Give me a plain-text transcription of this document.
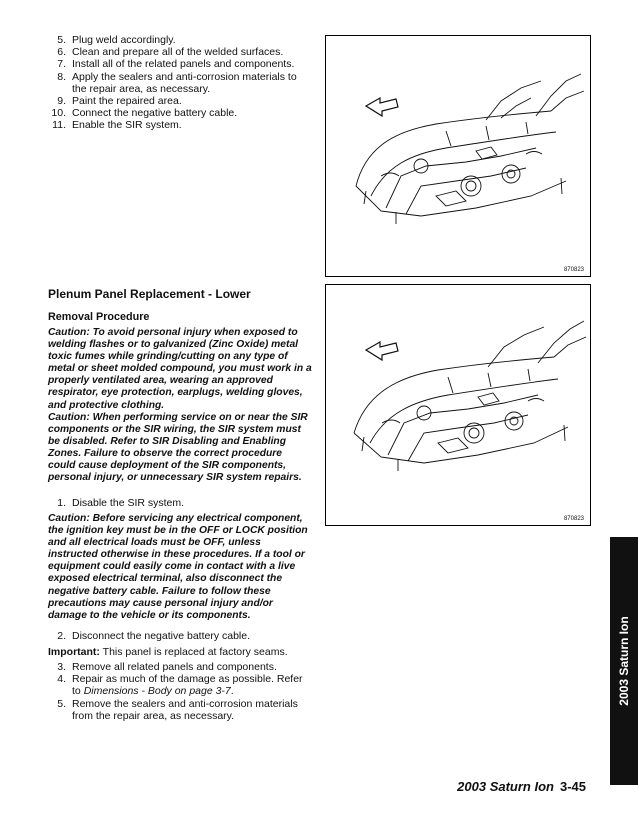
5. Plug weld accordingly.
6. Clean and prepare all of the welded surfaces.
7. Install all of the related panels and components.
8. Apply the sealers and anti-corrosion materials to the repair area, as necessary.
9. Paint the repaired area.
10. Connect the negative battery cable.
11. Enable the SIR system.
Plenum Panel Replacement - Lower
Removal Procedure
Caution: To avoid personal injury when exposed to welding flashes or to galvanized (Zinc Oxide) metal toxic fumes while grinding/cutting on any type of metal or sheet molded compound, you must work in a properly ventilated area, wearing an approved respirator, eye protection, earplugs, welding gloves, and protective clothing.
Caution: When performing service on or near the SIR components or the SIR wiring, the SIR system must be disabled. Refer to SIR Disabling and Enabling Zones. Failure to observe the correct procedure could cause deployment of the SIR components, personal injury, or unnecessary SIR system repairs.
1. Disable the SIR system.
Caution: Before servicing any electrical component, the ignition key must be in the OFF or LOCK position and all electrical loads must be OFF, unless instructed otherwise in these procedures. If a tool or equipment could easily come in contact with a live exposed electrical terminal, also disconnect the negative battery cable. Failure to follow these precautions may cause personal injury and/or damage to the vehicle or its components.
2. Disconnect the negative battery cable.
Important: This panel is replaced at factory seams.
3. Remove all related panels and components.
4. Repair as much of the damage as possible. Refer to Dimensions - Body on page 3-7.
5. Remove the sealers and anti-corrosion materials from the repair area, as necessary.
870823
870823
2003 Saturn Ion
2003 Saturn Ion 3-45
